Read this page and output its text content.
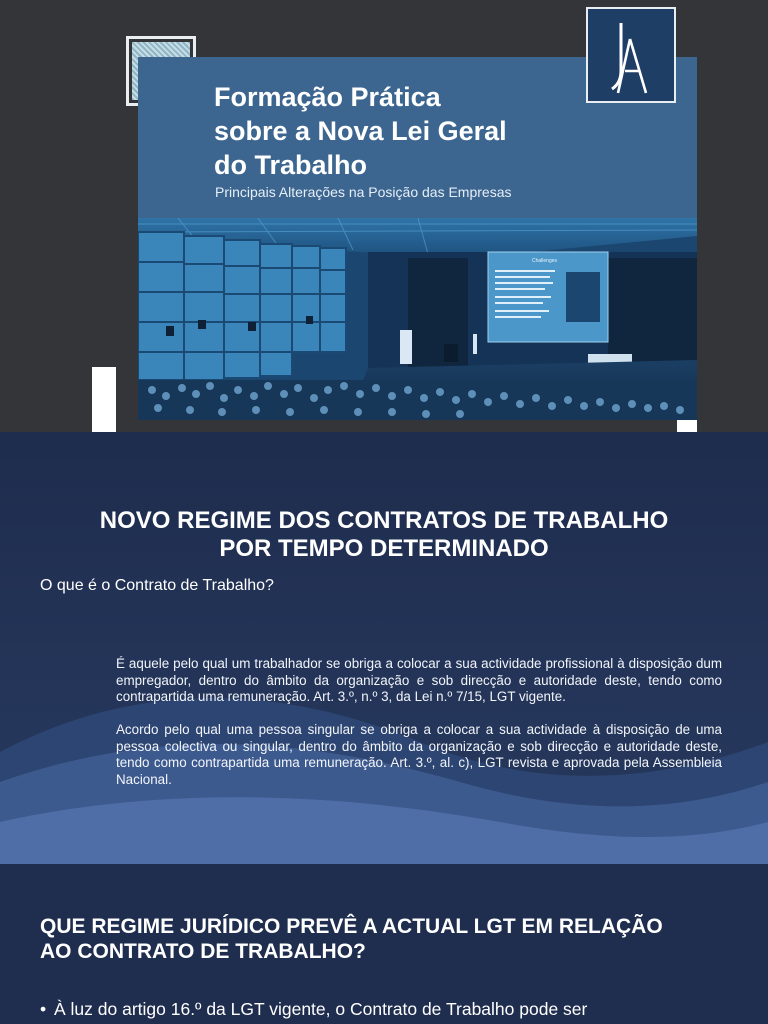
Formação Prática
sobre a Nova Lei Geral
do Trabalho
Principais Alterações na Posição das Empresas
Challenges
NOVO REGIME DOS CONTRATOS DE TRABALHO
POR TEMPO DETERMINADO

O que é o Contrato de Trabalho?

É aquele pelo qual um trabalhador se obriga a colocar a sua actividade profissional à disposição dum empregador, dentro do âmbito da organização e sob direcção e autoridade deste, tendo como contrapartida uma remuneração. Art. 3.º, n.º 3, da Lei n.º 7/15, LGT vigente.

Acordo pelo qual uma pessoa singular se obriga a colocar a sua actividade à disposição de uma pessoa colectiva ou singular, dentro do âmbito da organização e sob direcção e autoridade deste, tendo como contrapartida uma remuneração. Art. 3.º, al. c), LGT revista e aprovada pela Assembleia Nacional.

QUE REGIME JURÍDICO PREVÊ A ACTUAL LGT EM RELAÇÃO
AO CONTRATO DE TRABALHO?

• À luz do artigo 16.º da LGT vigente, o Contrato de Trabalho pode ser
